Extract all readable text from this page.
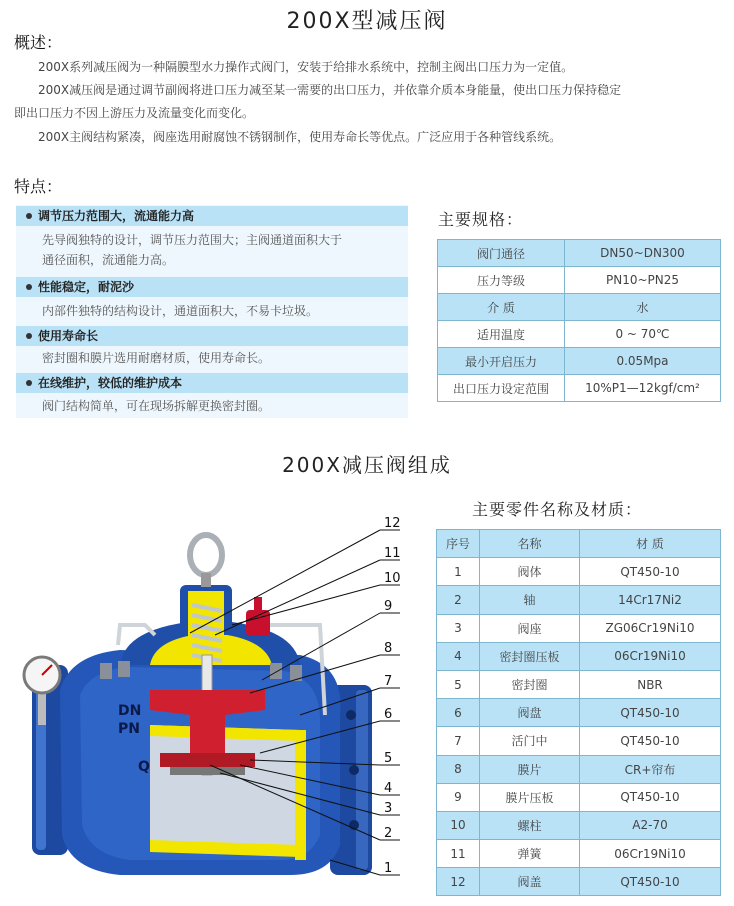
200X型减压阀
概述：
200X系列减压阀为一种隔膜型水力操作式阀门，安装于给排水系统中，控制主阀出口压力为一定值。
200X减压阀是通过调节副阀将进口压力减至某一需要的出口压力，并依靠介质本身能量，使出口压力保持稳定
即出口压力不因上游压力及流量变化而变化。
200X主阀结构紧凑，阀座选用耐腐蚀不锈钢制作，使用寿命长等优点。广泛应用于各种管线系统。
特点：
调节压力范围大，流通能力高
先导阀独特的设计，调节压力范围大；主阀通道面积大于
通径面积，流通能力高。
性能稳定，耐泥沙
内部件独特的结构设计，通道面积大，不易卡垃圾。
使用寿命长
密封圈和膜片选用耐磨材质，使用寿命长。
在线维护，较低的维护成本
阀门结构简单，可在现场拆解更换密封圈。
主要规格：
阀门通径	DN50~DN300
压力等级	PN10~PN25
介 质	水
适用温度	0 ~ 70℃
最小开启压力	0.05Mpa
出口压力设定范围	10%P1—12kgf/cm²
200X减压阀组成
主要零件名称及材质：
序号	名称	材 质
1	阀体	QT450-10
2	轴	14Cr17Ni2
3	阀座	ZG06Cr19Ni10
4	密封圈压板	06Cr19Ni10
5	密封圈	NBR
6	阀盘	QT450-10
7	活门中	QT450-10
8	膜片	CR+帘布
9	膜片压板	QT450-10
10	螺柱	A2-70
11	弹簧	06Cr19Ni10
12	阀盖	QT450-10
DN
PN
Q
12
11
10
9
8
7
6
5
4
3
2
1
